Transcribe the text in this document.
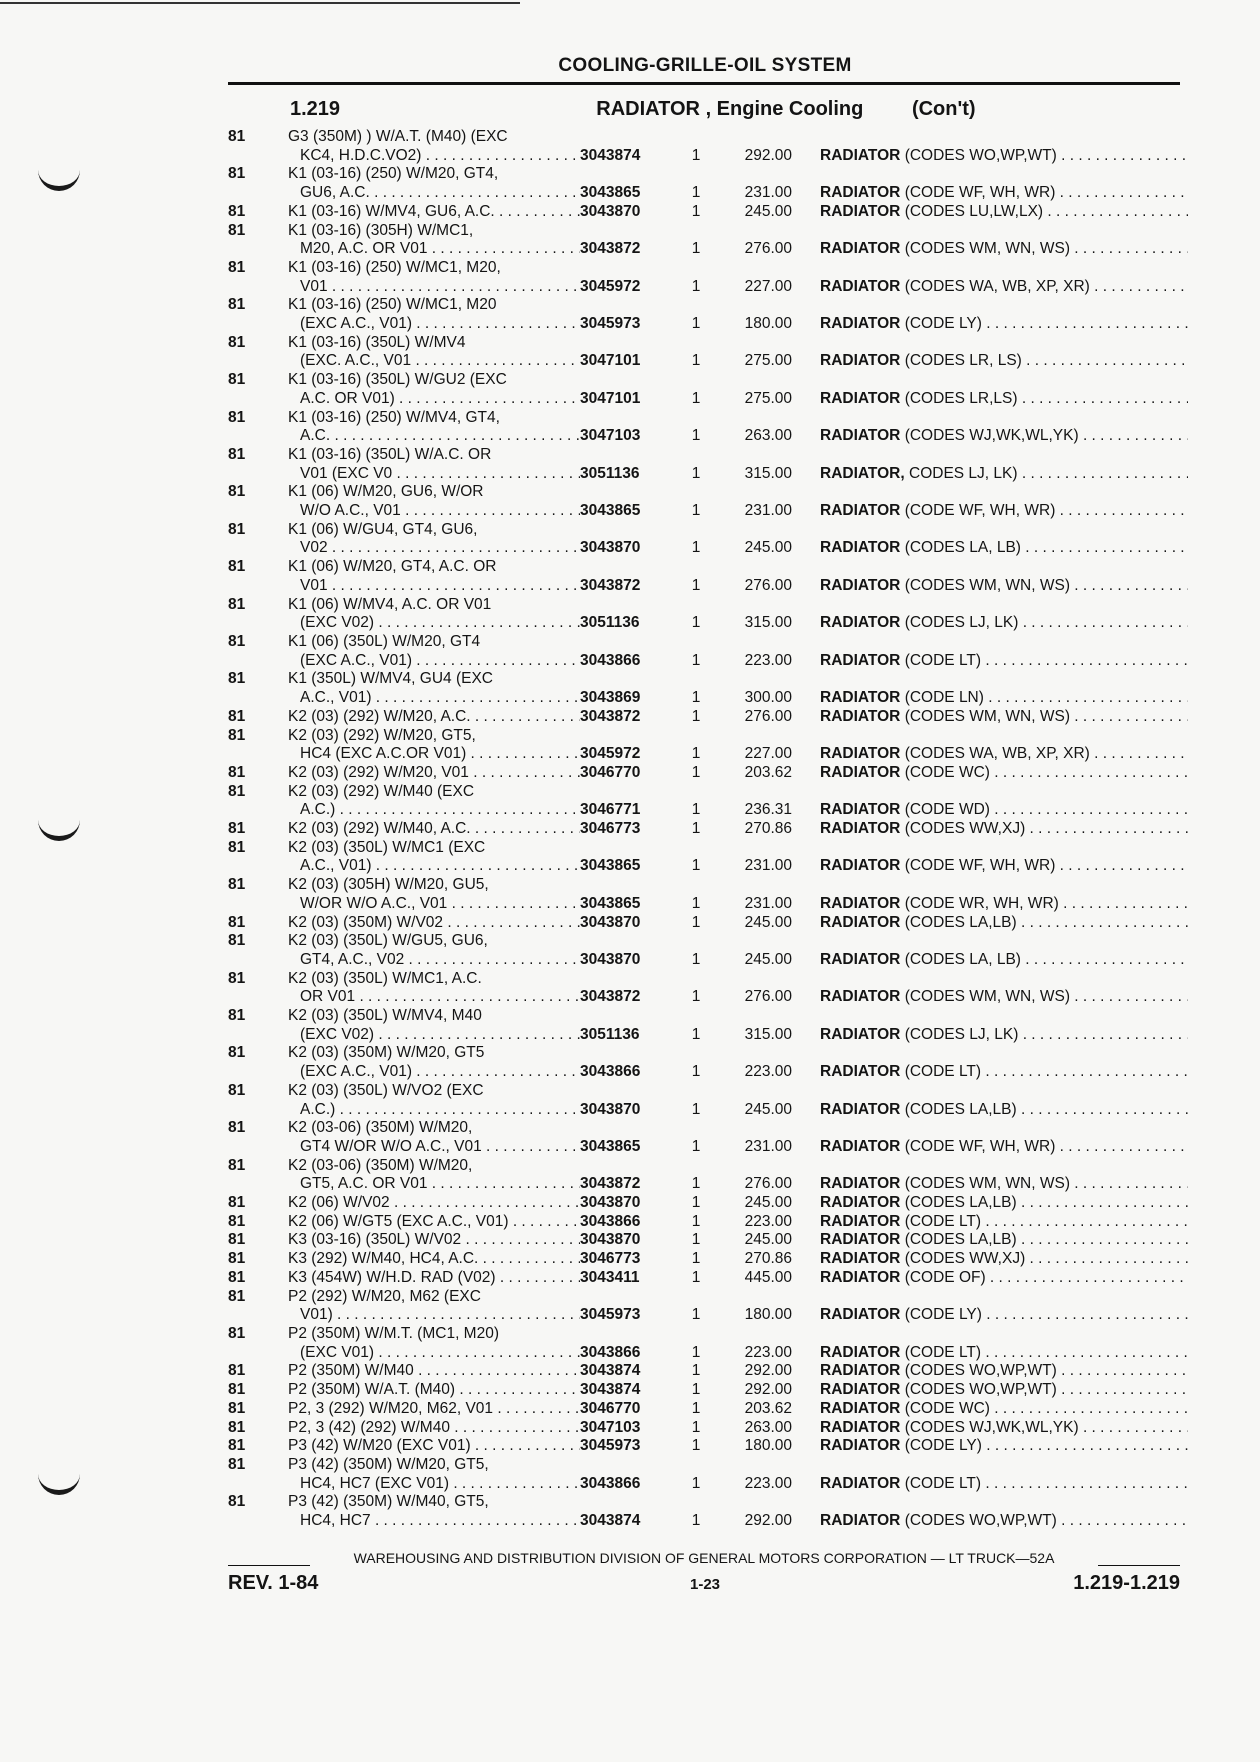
COOLING-GRILLE-OIL SYSTEM
1.219	RADIATOR , Engine Cooling (Con't)
81	G3 (350M) ) W/A.T. (M40) (EXC
KC4, H.D.C.VO2) . . .	3043874	1	292.00 RADIATOR (CODES WO,WP,WT) . . .
81	K1 (03-16) (250) W/M20, GT4,
GU6, A.C. . . .	3043865	1	231.00 RADIATOR (CODE WF, WH, WR) . . .
81	K1 (03-16) W/MV4, GU6, A.C. . . .	3043870	1	245.00 RADIATOR (CODES LU,LW,LX) . . .
81	K1 (03-16) (305H) W/MC1,
M20, A.C. OR V01 . . .	3043872	1	276.00 RADIATOR (CODES WM, WN, WS) . . .
81	K1 (03-16) (250) W/MC1, M20,
V01 . . .	3045972	1	227.00 RADIATOR (CODES WA, WB, XP, XR) . . .
81	K1 (03-16) (250) W/MC1, M20
(EXC A.C., V01) . . .	3045973	1	180.00 RADIATOR (CODE LY) . . .
81	K1 (03-16) (350L) W/MV4
(EXC. A.C., V01 . . .	3047101	1	275.00 RADIATOR (CODES LR, LS) . . .
81	K1 (03-16) (350L) W/GU2 (EXC
A.C. OR V01) . . .	3047101	1	275.00 RADIATOR (CODES LR,LS) . . .
81	K1 (03-16) (250) W/MV4, GT4,
A.C. . . .	3047103	1	263.00 RADIATOR (CODES WJ,WK,WL,YK) . . .
81	K1 (03-16) (350L) W/A.C. OR
V01 (EXC V0 . . .	3051136	1	315.00 RADIATOR, CODES LJ, LK) . . .
81	K1 (06) W/M20, GU6, W/OR
W/O A.C., V01 . . .	3043865	1	231.00 RADIATOR (CODE WF, WH, WR) . . .
81	K1 (06) W/GU4, GT4, GU6,
V02 . . .	3043870	1	245.00 RADIATOR (CODES LA, LB) . . .
81	K1 (06) W/M20, GT4, A.C. OR
V01 . . .	3043872	1	276.00 RADIATOR (CODES WM, WN, WS) . . .
81	K1 (06) W/MV4, A.C. OR V01
(EXC V02) . . .	3051136	1	315.00 RADIATOR (CODES LJ, LK) . . .
81	K1 (06) (350L) W/M20, GT4
(EXC A.C., V01) . . .	3043866	1	223.00 RADIATOR (CODE LT) . . .
81	K1 (350L) W/MV4, GU4 (EXC
A.C., V01) . . .	3043869	1	300.00 RADIATOR (CODE LN) . . .
81	K2 (03) (292) W/M20, A.C. . . .	3043872	1	276.00 RADIATOR (CODES WM, WN, WS) . . .
81	K2 (03) (292) W/M20, GT5,
HC4 (EXC A.C.OR V01) . . .	3045972	1	227.00 RADIATOR (CODES WA, WB, XP, XR) . . .
81	K2 (03) (292) W/M20, V01 . . .	3046770	1	203.62 RADIATOR (CODE WC) . . .
81	K2 (03) (292) W/M40 (EXC
A.C.) . . .	3046771	1	236.31 RADIATOR (CODE WD) . . .
81	K2 (03) (292) W/M40, A.C. . . .	3046773	1	270.86 RADIATOR (CODES WW,XJ) . . .
81	K2 (03) (350L) W/MC1 (EXC
A.C., V01) . . .	3043865	1	231.00 RADIATOR (CODE WF, WH, WR) . . .
81	K2 (03) (305H) W/M20, GU5,
W/OR W/O A.C., V01 . . .	3043865	1	231.00 RADIATOR (CODE WR, WH, WR) . . .
81	K2 (03) (350M) W/V02 . . .	3043870	1	245.00 RADIATOR (CODES LA,LB) . . .
81	K2 (03) (350L) W/GU5, GU6,
GT4, A.C., V02 . . .	3043870	1	245.00 RADIATOR (CODES LA, LB) . . .
81	K2 (03) (350L) W/MC1, A.C.
OR V01 . . .	3043872	1	276.00 RADIATOR (CODES WM, WN, WS) . . .
81	K2 (03) (350L) W/MV4, M40
(EXC V02) . . .	3051136	1	315.00 RADIATOR (CODES LJ, LK) . . .
81	K2 (03) (350M) W/M20, GT5
(EXC A.C., V01) . . .	3043866	1	223.00 RADIATOR (CODE LT) . . .
81	K2 (03) (350L) W/VO2 (EXC
A.C.) . . .	3043870	1	245.00 RADIATOR (CODES LA,LB) . . .
81	K2 (03-06) (350M) W/M20,
GT4 W/OR W/O A.C., V01 . . .	3043865	1	231.00 RADIATOR (CODE WF, WH, WR) . . .
81	K2 (03-06) (350M) W/M20,
GT5, A.C. OR V01 . . .	3043872	1	276.00 RADIATOR (CODES WM, WN, WS) . . .
81	K2 (06) W/V02 . . .	3043870	1	245.00 RADIATOR (CODES LA,LB) . . .
81	K2 (06) W/GT5 (EXC A.C., V01) . . .	3043866	1	223.00 RADIATOR (CODE LT) . . .
81	K3 (03-16) (350L) W/V02 . . .	3043870	1	245.00 RADIATOR (CODES LA,LB) . . .
81	K3 (292) W/M40, HC4, A.C. . . .	3046773	1	270.86 RADIATOR (CODES WW,XJ) . . .
81	K3 (454W) W/H.D. RAD (V02) . . .	3043411	1	445.00 RADIATOR (CODE OF) . . .
81	P2 (292) W/M20, M62 (EXC
V01) . . .	3045973	1	180.00 RADIATOR (CODE LY) . . .
81	P2 (350M) W/M.T. (MC1, M20)
(EXC V01) . . .	3043866	1	223.00 RADIATOR (CODE LT) . . .
81	P2 (350M) W/M40 . . .	3043874	1	292.00 RADIATOR (CODES WO,WP,WT) . . .
81	P2 (350M) W/A.T. (M40) . . .	3043874	1	292.00 RADIATOR (CODES WO,WP,WT) . . .
81	P2, 3 (292) W/M20, M62, V01 . . .	3046770	1	203.62 RADIATOR (CODE WC) . . .
81	P2, 3 (42) (292) W/M40 . . .	3047103	1	263.00 RADIATOR (CODES WJ,WK,WL,YK) . . .
81	P3 (42) W/M20 (EXC V01) . . .	3045973	1	180.00 RADIATOR (CODE LY) . . .
81	P3 (42) (350M) W/M20, GT5,
HC4, HC7 (EXC V01) . . .	3043866	1	223.00 RADIATOR (CODE LT) . . .
81	P3 (42) (350M) W/M40, GT5,
HC4, HC7 . . .	3043874	1	292.00 RADIATOR (CODES WO,WP,WT) . . .
WAREHOUSING AND DISTRIBUTION DIVISION OF GENERAL MOTORS CORPORATION — LT TRUCK—52A
REV. 1-84	1-23	1.219-1.219
